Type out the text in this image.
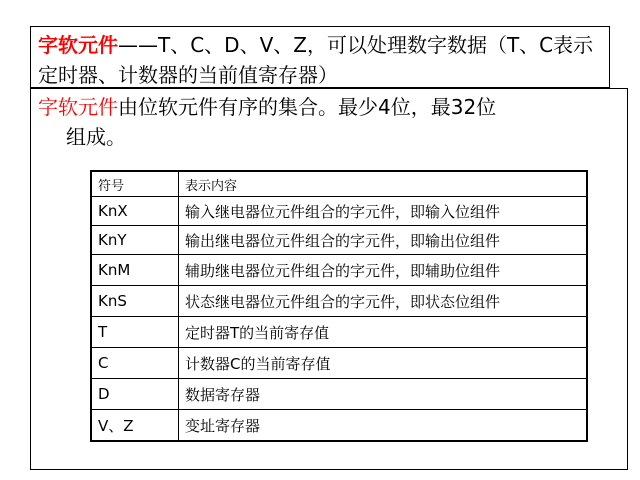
字软元件——T、C、D、V、Z，可以处理数字数据（T、C表示定时器、计数器的当前值寄存器）

字软元件由位软元件有序的集合。最少4位，最32位
组成。

符号	表示内容
KnX	输入继电器位元件组合的字元件，即输入位组件
KnY	输出继电器位元件组合的字元件，即输出位组件
KnM	辅助继电器位元件组合的字元件，即辅助位组件
KnS	状态继电器位元件组合的字元件，即状态位组件
T	定时器T的当前寄存值
C	计数器C的当前寄存值
D	数据寄存器
V、Z	变址寄存器
